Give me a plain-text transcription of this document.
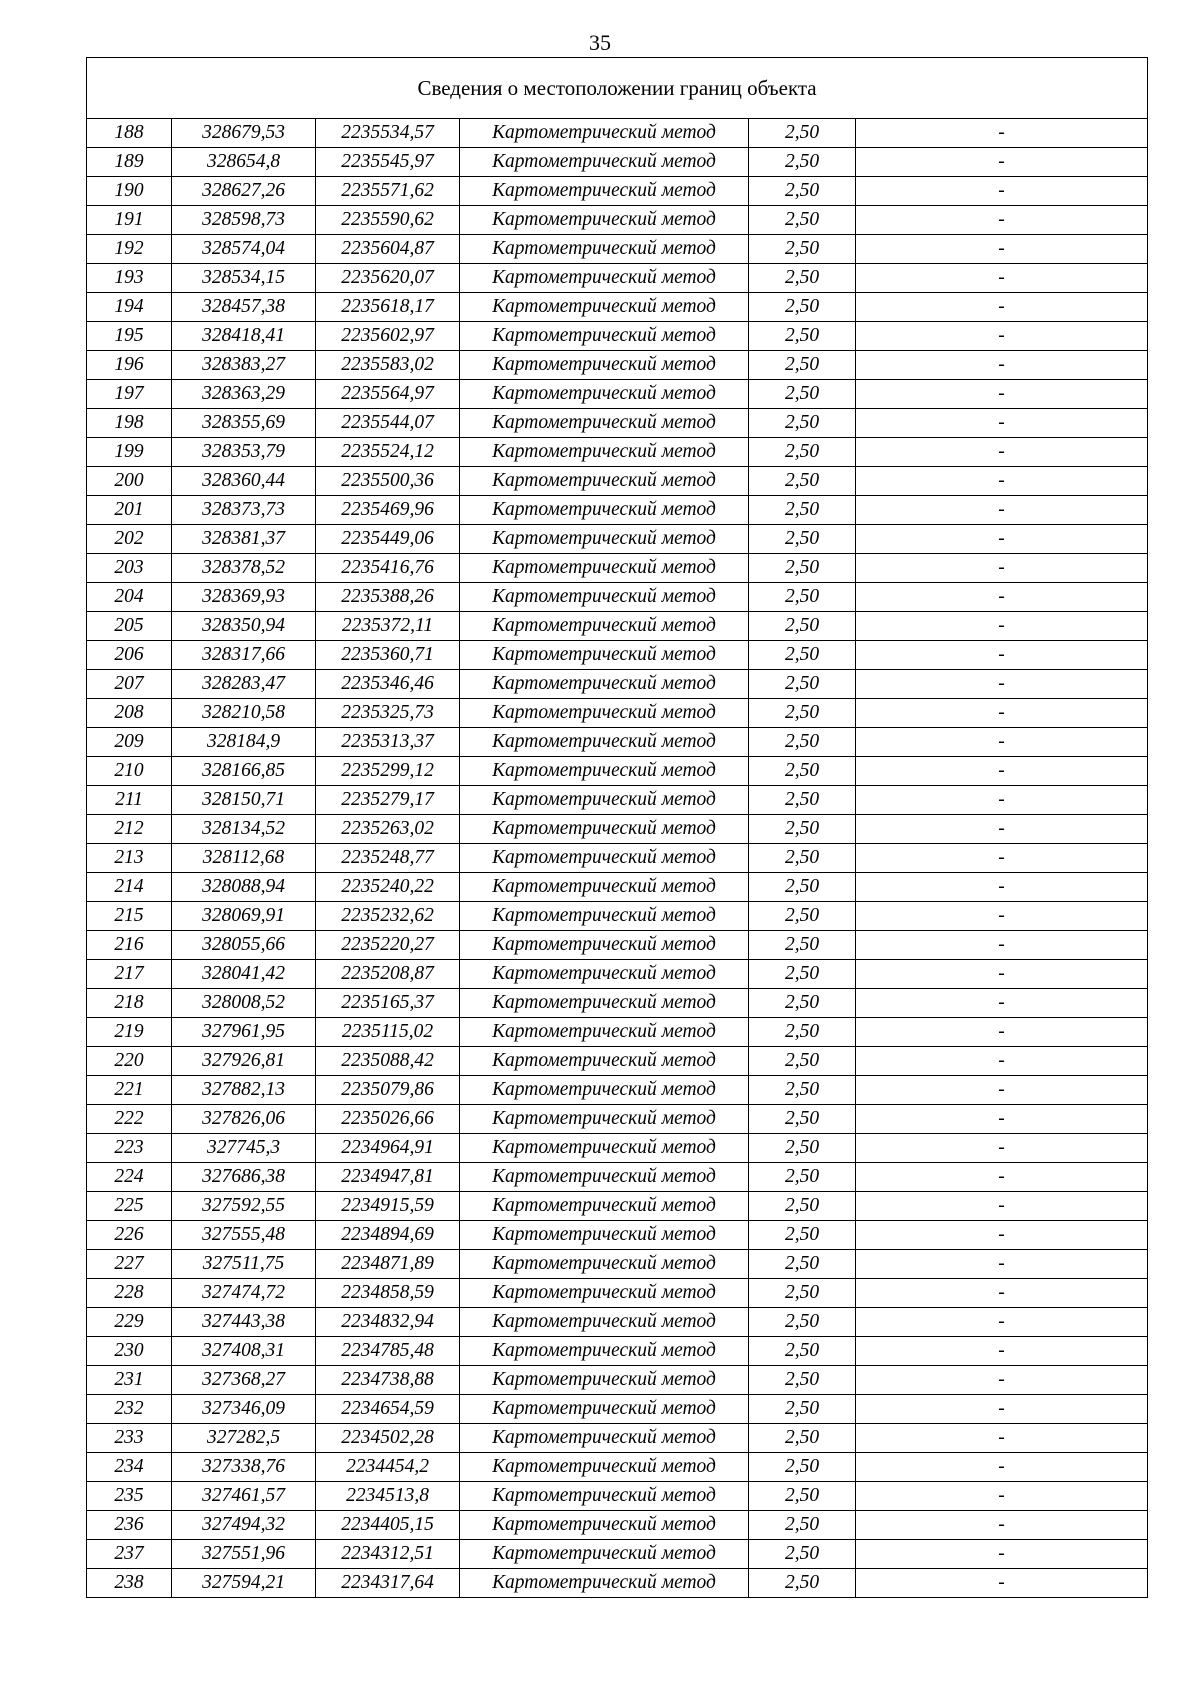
35
Сведения о местоположении границ объекта					
188	328679,53	2235534,57	Картометрический метод	2,50	-
189	328654,8	2235545,97	Картометрический метод	2,50	-
190	328627,26	2235571,62	Картометрический метод	2,50	-
191	328598,73	2235590,62	Картометрический метод	2,50	-
192	328574,04	2235604,87	Картометрический метод	2,50	-
193	328534,15	2235620,07	Картометрический метод	2,50	-
194	328457,38	2235618,17	Картометрический метод	2,50	-
195	328418,41	2235602,97	Картометрический метод	2,50	-
196	328383,27	2235583,02	Картометрический метод	2,50	-
197	328363,29	2235564,97	Картометрический метод	2,50	-
198	328355,69	2235544,07	Картометрический метод	2,50	-
199	328353,79	2235524,12	Картометрический метод	2,50	-
200	328360,44	2235500,36	Картометрический метод	2,50	-
201	328373,73	2235469,96	Картометрический метод	2,50	-
202	328381,37	2235449,06	Картометрический метод	2,50	-
203	328378,52	2235416,76	Картометрический метод	2,50	-
204	328369,93	2235388,26	Картометрический метод	2,50	-
205	328350,94	2235372,11	Картометрический метод	2,50	-
206	328317,66	2235360,71	Картометрический метод	2,50	-
207	328283,47	2235346,46	Картометрический метод	2,50	-
208	328210,58	2235325,73	Картометрический метод	2,50	-
209	328184,9	2235313,37	Картометрический метод	2,50	-
210	328166,85	2235299,12	Картометрический метод	2,50	-
211	328150,71	2235279,17	Картометрический метод	2,50	-
212	328134,52	2235263,02	Картометрический метод	2,50	-
213	328112,68	2235248,77	Картометрический метод	2,50	-
214	328088,94	2235240,22	Картометрический метод	2,50	-
215	328069,91	2235232,62	Картометрический метод	2,50	-
216	328055,66	2235220,27	Картометрический метод	2,50	-
217	328041,42	2235208,87	Картометрический метод	2,50	-
218	328008,52	2235165,37	Картометрический метод	2,50	-
219	327961,95	2235115,02	Картометрический метод	2,50	-
220	327926,81	2235088,42	Картометрический метод	2,50	-
221	327882,13	2235079,86	Картометрический метод	2,50	-
222	327826,06	2235026,66	Картометрический метод	2,50	-
223	327745,3	2234964,91	Картометрический метод	2,50	-
224	327686,38	2234947,81	Картометрический метод	2,50	-
225	327592,55	2234915,59	Картометрический метод	2,50	-
226	327555,48	2234894,69	Картометрический метод	2,50	-
227	327511,75	2234871,89	Картометрический метод	2,50	-
228	327474,72	2234858,59	Картометрический метод	2,50	-
229	327443,38	2234832,94	Картометрический метод	2,50	-
230	327408,31	2234785,48	Картометрический метод	2,50	-
231	327368,27	2234738,88	Картометрический метод	2,50	-
232	327346,09	2234654,59	Картометрический метод	2,50	-
233	327282,5	2234502,28	Картометрический метод	2,50	-
234	327338,76	2234454,2	Картометрический метод	2,50	-
235	327461,57	2234513,8	Картометрический метод	2,50	-
236	327494,32	2234405,15	Картометрический метод	2,50	-
237	327551,96	2234312,51	Картометрический метод	2,50	-
238	327594,21	2234317,64	Картометрический метод	2,50	-
